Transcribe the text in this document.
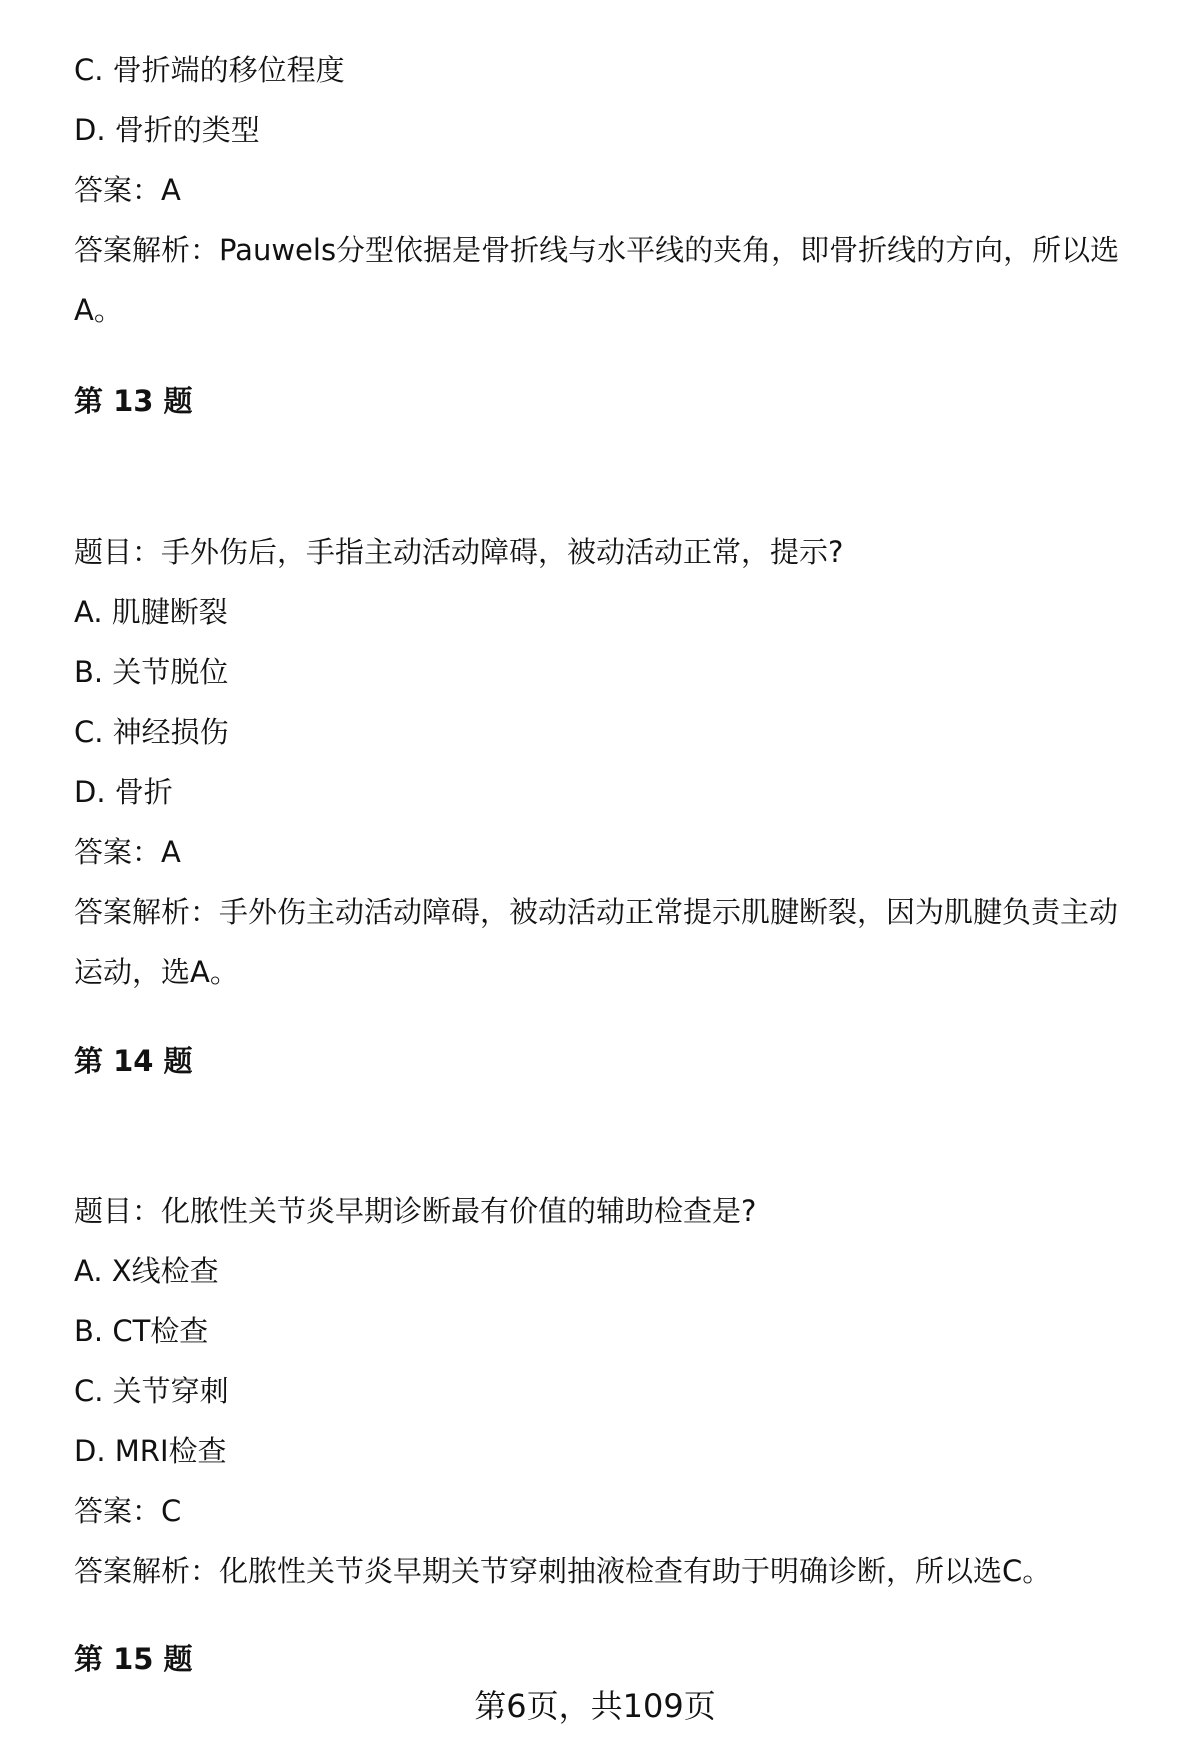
C. 骨折端的移位程度
D. 骨折的类型
答案：A
答案解析：Pauwels分型依据是骨折线与水平线的夹角，即骨折线的方向，所以选
A。
第 13 题
题目：手外伤后，手指主动活动障碍，被动活动正常，提示?
A. 肌腱断裂
B. 关节脱位
C. 神经损伤
D. 骨折
答案：A
答案解析：手外伤主动活动障碍，被动活动正常提示肌腱断裂，因为肌腱负责主动
运动，选A。
第 14 题
题目：化脓性关节炎早期诊断最有价值的辅助检查是?
A. X线检查
B. CT检查
C. 关节穿刺
D. MRI检查
答案：C
答案解析：化脓性关节炎早期关节穿刺抽液检查有助于明确诊断，所以选C。
第 15 题
第6页，共109页
